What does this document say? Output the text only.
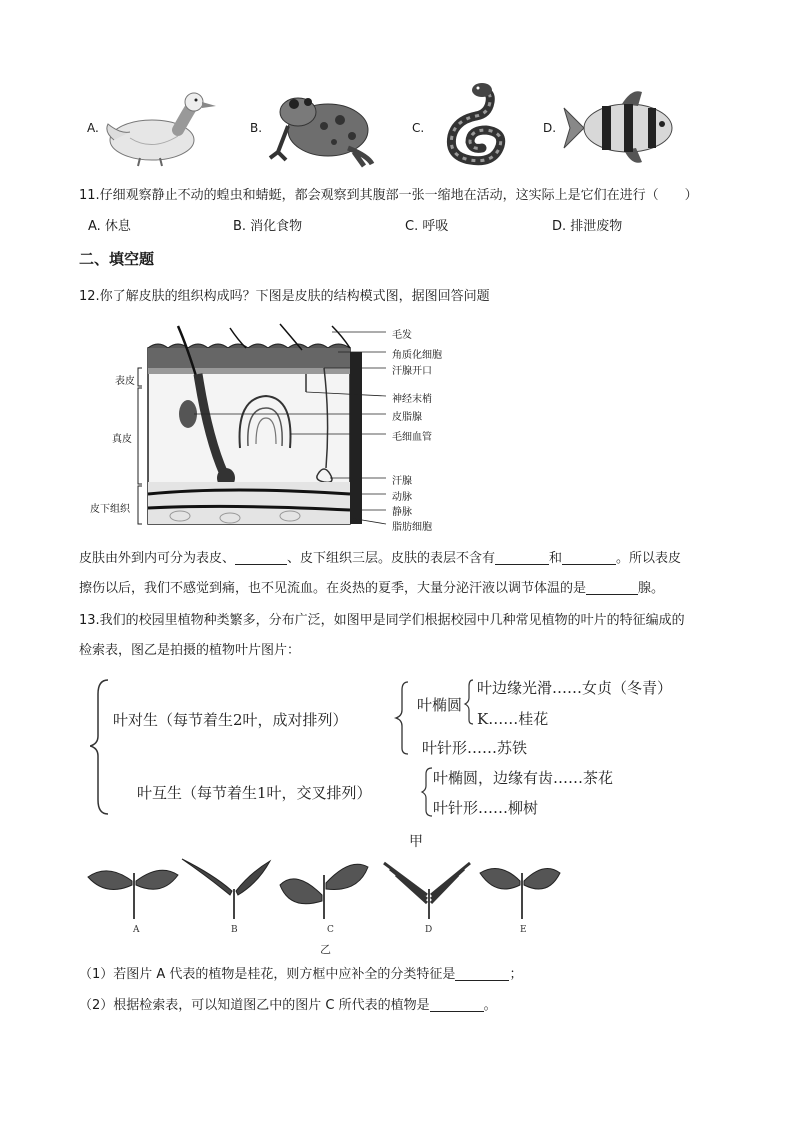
A.	B.	C.	D.
11.仔细观察静止不动的蝗虫和蜻蜓，都会观察到其腹部一张一缩地在活动，这实际上是它们在进行（　　）
A. 休息	B. 消化食物	C. 呼吸	D. 排泄废物
二、填空题
12.你了解皮肤的组织构成吗？下图是皮肤的结构模式图，据图回答问题
表皮
真皮
皮下组织
毛发
角质化细胞
汗腺开口
神经末梢
皮脂腺
毛细血管
汗腺
动脉
静脉
脂肪细胞
皮肤由外到内可分为表皮、	、皮下组织三层。皮肤的表层不含有	和	。所以表皮
擦伤以后，我们不感觉到痛，也不见流血。在炎热的夏季，大量分泌汗液以调节体温的是	腺。
13.我们的校园里植物种类繁多，分布广泛，如图甲是同学们根据校园中几种常见植物的叶片的特征编成的
检索表，图乙是拍摄的植物叶片图片：
叶对生（每节着生2叶，成对排列）
叶椭圆
叶边缘光滑……女贞（冬青）
K……桂花
叶针形……苏铁
叶互生（每节着生1叶，交叉排列）
叶椭圆，边缘有齿……茶花
叶针形……柳树
甲
A	B	C	D	E
乙
（1）若图片 A 代表的植物是桂花，则方框中应补全的分类特征是	；
（2）根据检索表，可以知道图乙中的图片 C 所代表的植物是	。
